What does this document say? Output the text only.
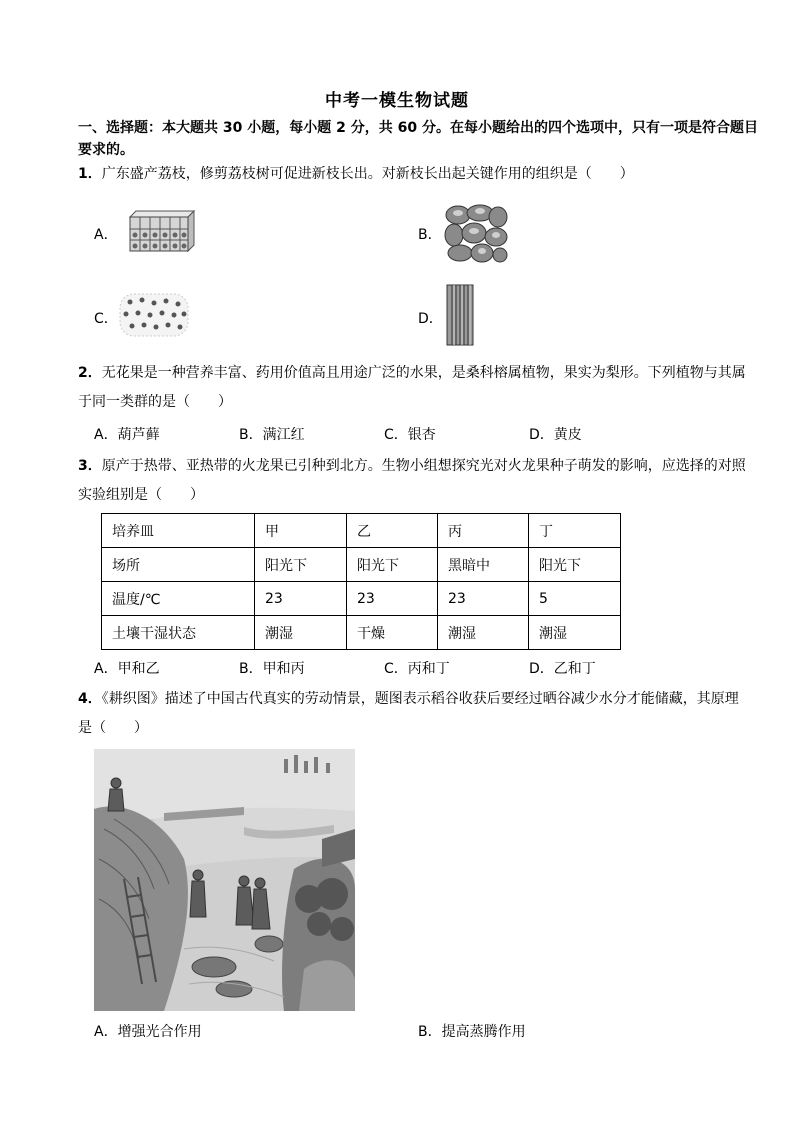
中考一模生物试题
一、选择题：本大题共 30 小题，每小题 2 分，共 60 分。在每小题给出的四个选项中，只有一项是符合题目要求的。
1．广东盛产荔枝，修剪荔枝树可促进新枝长出。对新枝长出起关键作用的组织是（　　）
A．	B．
C．	D．
2．无花果是一种营养丰富、药用价值高且用途广泛的水果，是桑科榕属植物，果实为梨形。下列植物与其属于同一类群的是（　　）
A．葫芦藓	B．满江红	C．银杏	D．黄皮
3．原产于热带、亚热带的火龙果已引种到北方。生物小组想探究光对火龙果种子萌发的影响，应选择的对照实验组别是（　　）
培养皿	甲	乙	丙	丁
场所	阳光下	阳光下	黑暗中	阳光下
温度/℃	23	23	23	5
土壤干湿状态	潮湿	干燥	潮湿	潮湿
A．甲和乙	B．甲和丙	C．丙和丁	D．乙和丁
4．《耕织图》描述了中国古代真实的劳动情景，题图表示稻谷收获后要经过晒谷减少水分才能储藏，其原理是（　　）
A．增强光合作用	B．提高蒸腾作用
